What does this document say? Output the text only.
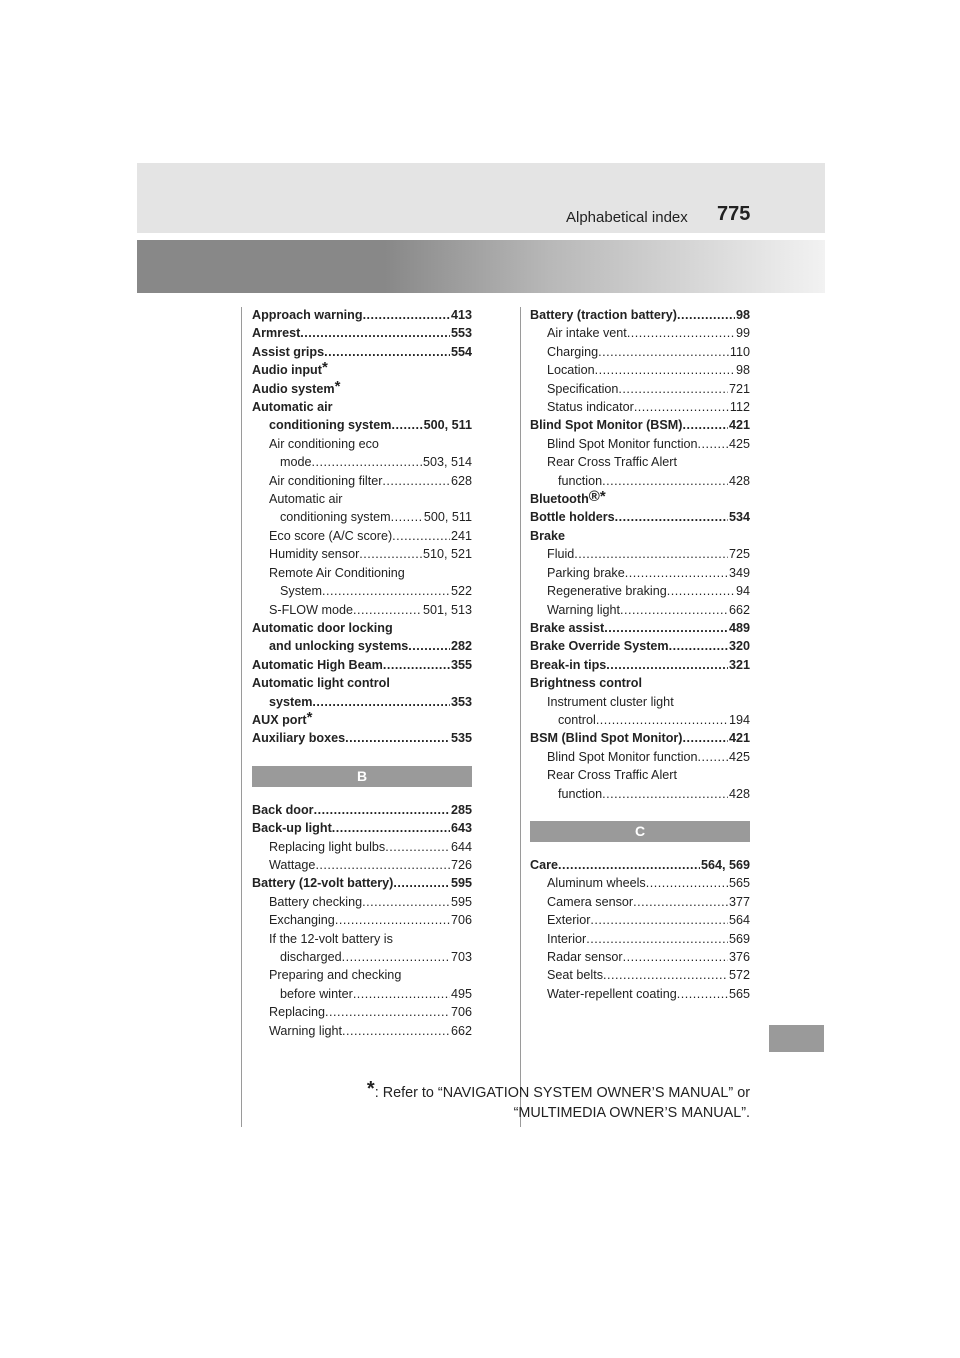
Alphabetical index 775
Approach warning .....	413
Armrest .....	553
Assist grips .....	554
Audio input*
Audio system*
Automatic air
conditioning system .....	500, 511
Air conditioning eco
mode .....	503, 514
Air conditioning filter .....	628
Automatic air
conditioning system .....	500, 511
Eco score (A/C score) .....	241
Humidity sensor .....	510, 521
Remote Air Conditioning
System .....	522
S-FLOW mode .....	501, 513
Automatic door locking
and unlocking systems .....	282
Automatic High Beam .....	355
Automatic light control
system .....	353
AUX port*
Auxiliary boxes .....	535
B
Back door .....	285
Back-up light .....	643
Replacing light bulbs .....	644
Wattage .....	726
Battery (12-volt battery) .....	595
Battery checking .....	595
Exchanging .....	706
If the 12-volt battery is
discharged .....	703
Preparing and checking
before winter .....	495
Replacing .....	706
Warning light .....	662
Battery (traction battery) .....	98
Air intake vent .....	99
Charging .....	110
Location .....	98
Specification .....	721
Status indicator .....	112
Blind Spot Monitor (BSM) .....	421
Blind Spot Monitor function ..... 425
Rear Cross Traffic Alert
function .....	428
Bluetooth®*
Bottle holders .....	534
Brake
Fluid .....	725
Parking brake .....	349
Regenerative braking .....	94
Warning light .....	662
Brake assist .....	489
Brake Override System .....	320
Break-in tips .....	321
Brightness control
Instrument cluster light
control .....	194
BSM (Blind Spot Monitor) .....	421
Blind Spot Monitor function ..... 425
Rear Cross Traffic Alert
function .....	428
C
Care .....	564, 569
Aluminum wheels .....	565
Camera sensor .....	377
Exterior .....	564
Interior .....	569
Radar sensor .....	376
Seat belts .....	572
Water-repellent coating .....	565
*: Refer to “NAVIGATION SYSTEM OWNER’S MANUAL” or
“MULTIMEDIA OWNER’S MANUAL”.
